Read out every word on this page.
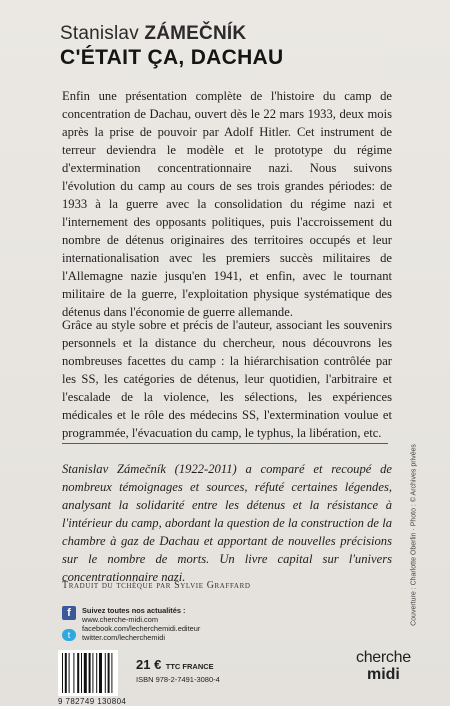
Stanislav ZÁMEČNÍK
C'ÉTAIT ÇA, DACHAU
Enfin une présentation complète de l'histoire du camp de concentration de Dachau, ouvert dès le 22 mars 1933, deux mois après la prise de pouvoir par Adolf Hitler. Cet instrument de terreur deviendra le modèle et le prototype du régime d'extermination concentrationnaire nazi. Nous suivons l'évolution du camp au cours de ses trois grandes périodes: de 1933 à la guerre avec la consolidation du régime nazi et l'internement des opposants politiques, puis l'accroissement du nombre de détenus originaires des territoires occupés et leur internationalisation avec les premiers succès militaires de l'Allemagne nazie jusqu'en 1941, et enfin, avec le tournant militaire de la guerre, l'exploitation physique systématique des détenus dans l'économie de guerre allemande.
Grâce au style sobre et précis de l'auteur, associant les souvenirs personnels et la distance du chercheur, nous découvrons les nombreuses facettes du camp : la hiérarchisation contrôlée par les SS, les catégories de détenus, leur quotidien, l'arbitraire et l'escalade de la violence, les sélections, les expériences médicales et le rôle des médecins SS, l'extermination voulue et programmée, l'évacuation du camp, le typhus, la libération, etc.
Stanislav Zámečník (1922-2011) a comparé et recoupé de nombreux témoignages et sources, réfuté certaines légendes, analysant la solidarité entre les détenus et la résistance à l'intérieur du camp, abordant la question de la construction de la chambre à gaz de Dachau et apportant de nouvelles précisions sur le nombre de morts. Un livre capital sur l'univers concentrationnaire nazi.
Traduit du tchèque par Sylvie Graffard	Couverture : Charlotte Oberlin · Photo : © Archives privées
f
t
Suivez toutes nos actualités :
www.cherche-midi.com
facebook.com/lecherchemidi.editeur
twitter.com/lecherchemidi
9 782749 130804
21 € TTC FRANCE
ISBN 978-2-7491-3080-4
cherche
midi
